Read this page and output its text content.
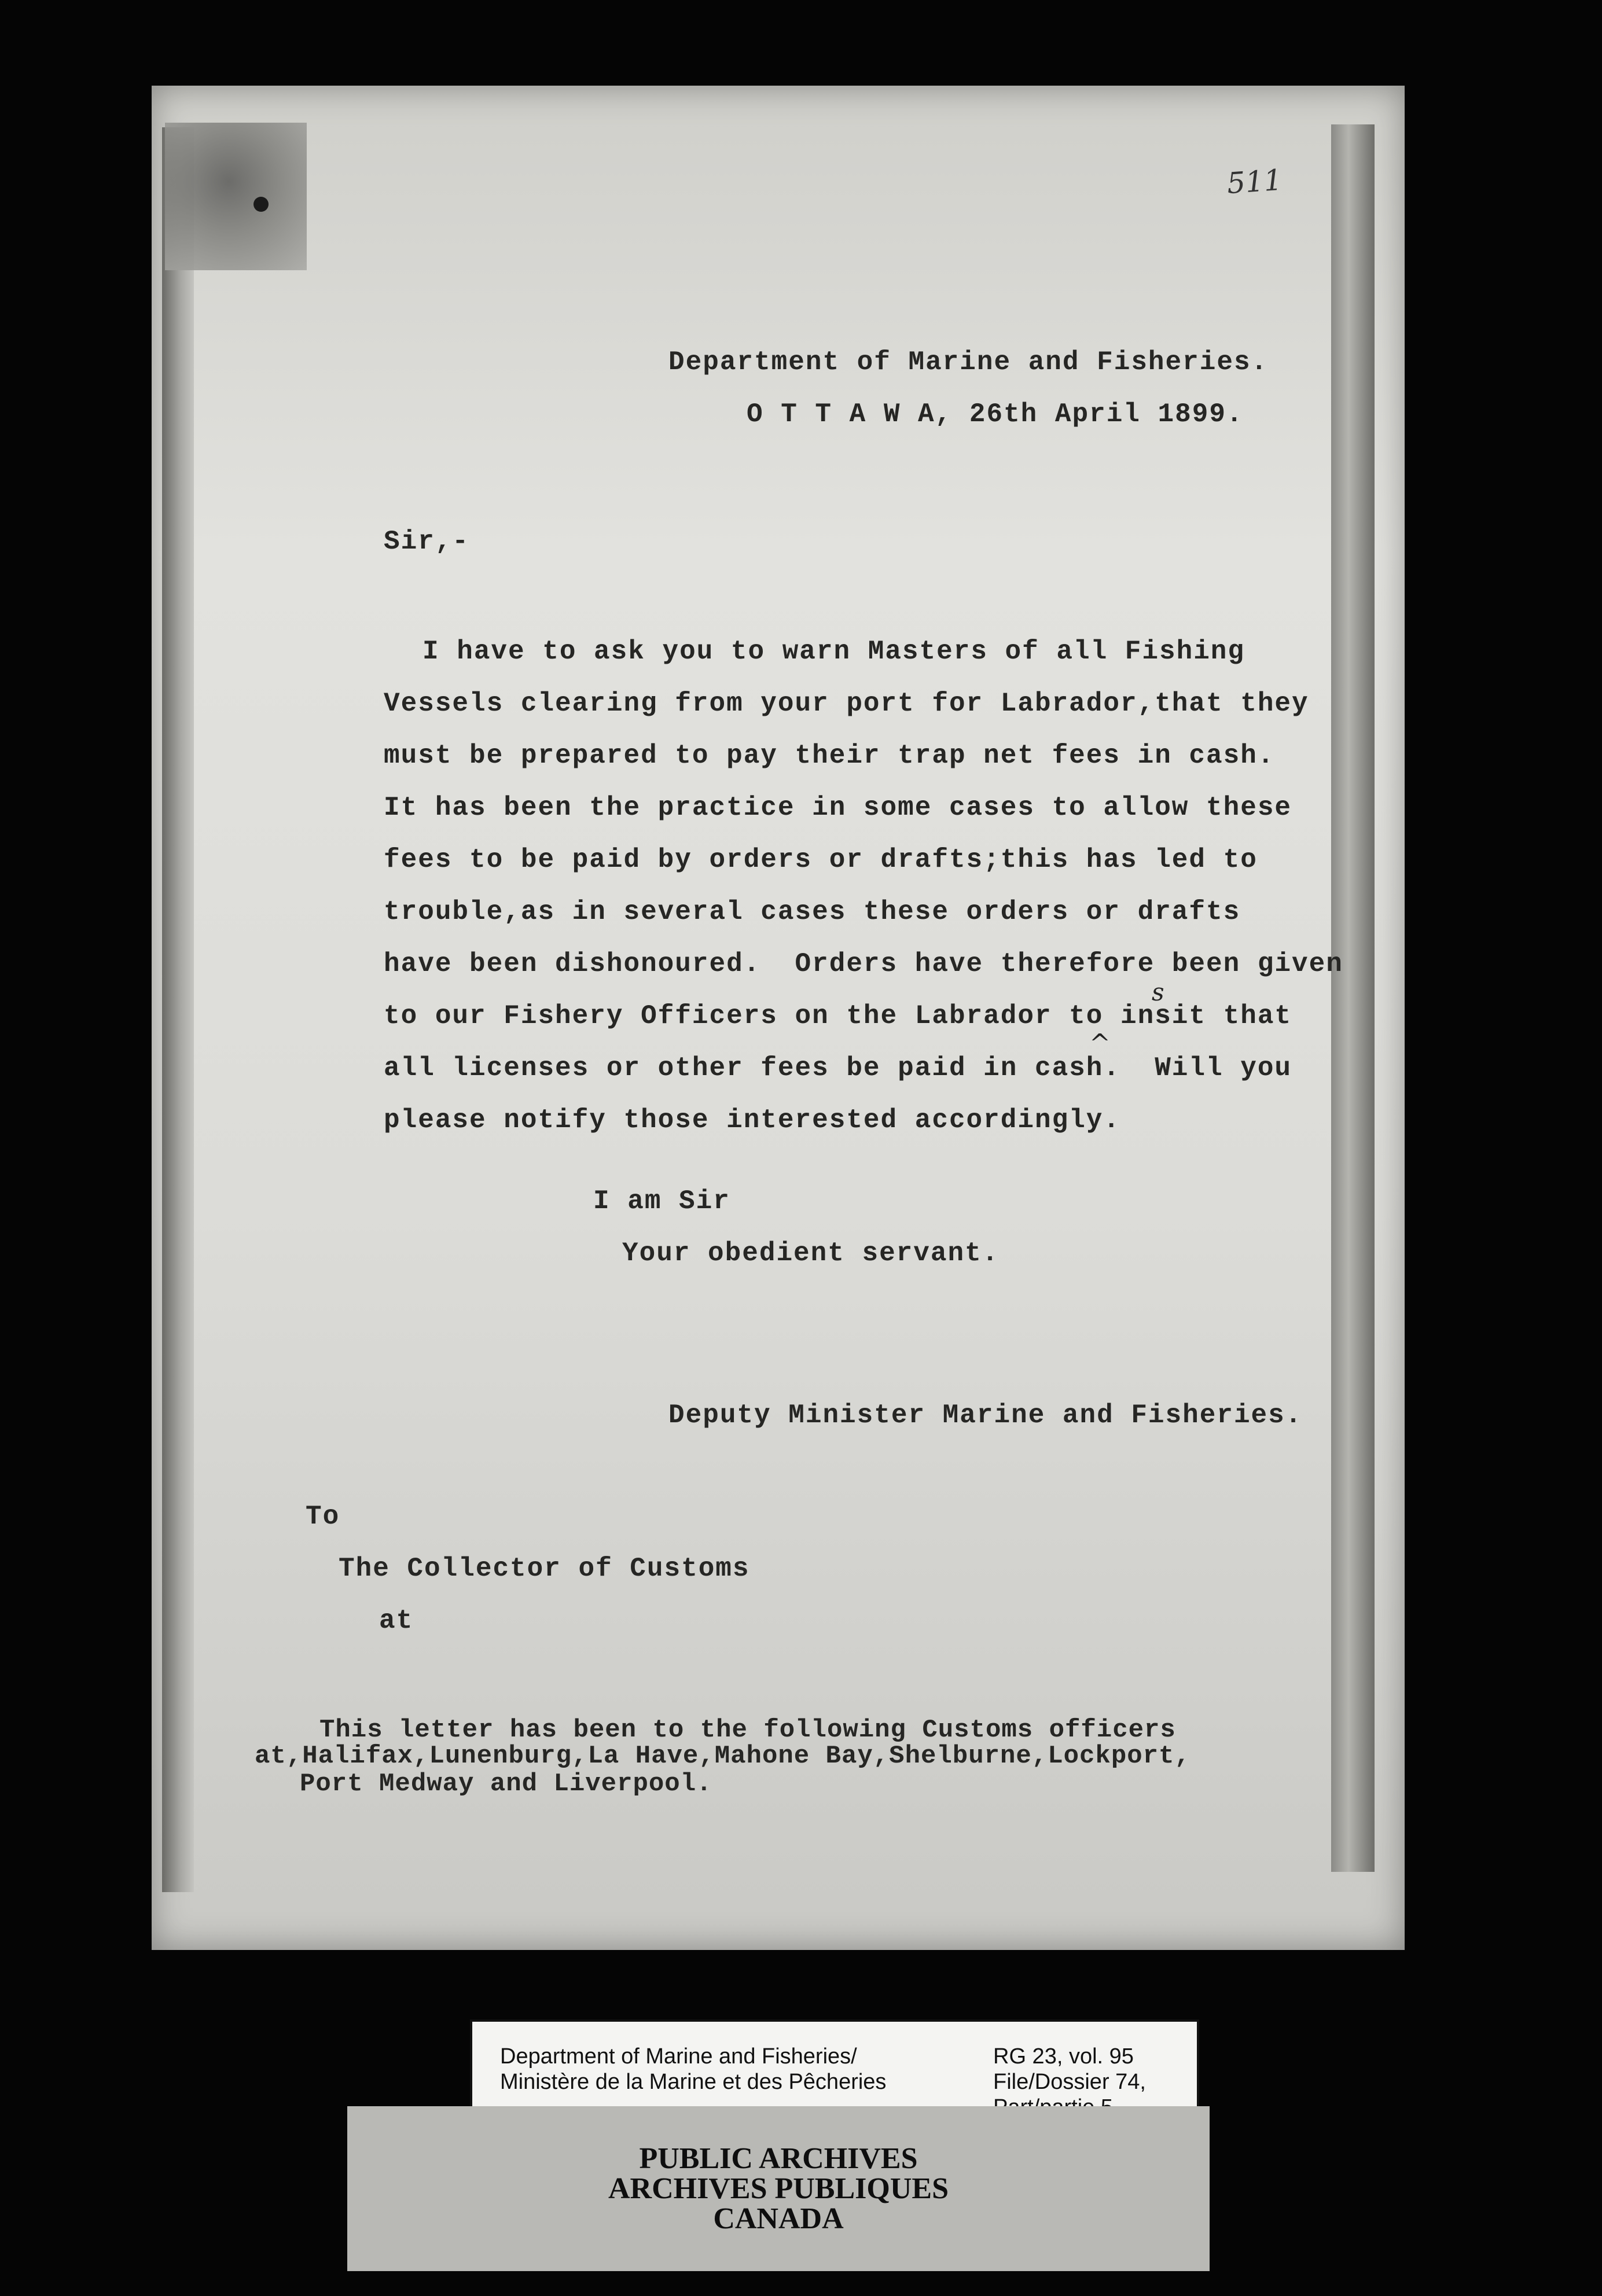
511
Department of Marine and Fisheries.
O T T A W A, 26th April 1899.
Sir,-
I have to ask you to warn Masters of all Fishing
Vessels clearing from your port for Labrador,that they
must be prepared to pay their trap net fees in cash.
It has been the practice in some cases to allow these
fees to be paid by orders or drafts;this has led to
trouble,as in several cases these orders or drafts
have been dishonoured.  Orders have therefore been given
to our Fishery Officers on the Labrador to insit that
all licenses or other fees be paid in cash.  Will you
please notify those interested accordingly.
s
^
I am Sir
Your obedient servant.
Deputy Minister Marine and Fisheries.
To
The Collector of Customs
at
This letter has been to the following Customs officers
at,Halifax,Lunenburg,La Have,Mahone Bay,Shelburne,Lockport,
Port Medway and Liverpool.
Department of Marine and Fisheries/
Ministère de la Marine et des Pêcheries
RG 23, vol. 95
File/Dossier 74,
PUBLIC ARCHIVES
ARCHIVES PUBLIQUES
CANADA
